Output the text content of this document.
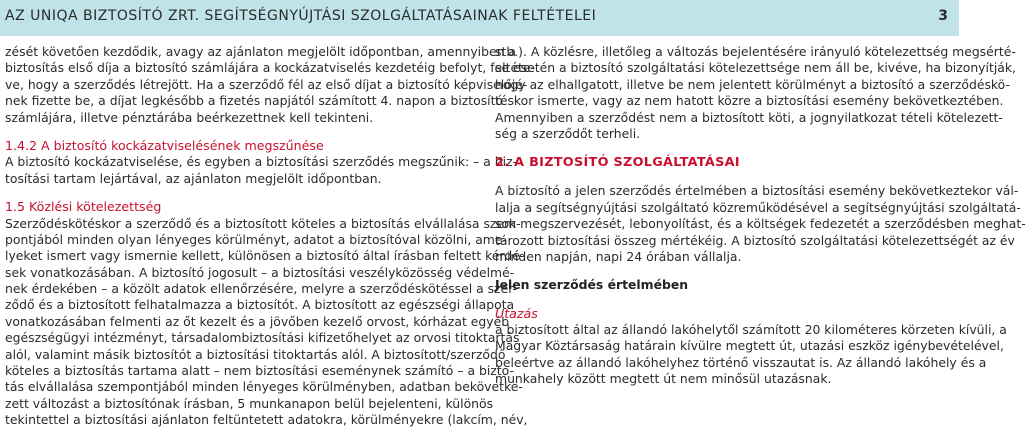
AZ UNIQA BIZTOSÍTÓ ZRT. SEGÍTSÉGNYÚJTÁSI SZOLGÁLTATÁSAINAK FELTÉTELEI	3
zését követően kezdődik, avagy az ajánlaton megjelölt időpontban, amennyiben a
biztosítás első díja a biztosító számlájára a kockázatviselés kezdetéig befolyt, feltéte-
ve, hogy a szerződés létrejött. Ha a szerződő fél az első díjat a biztosító képviselőjé-
nek fizette be, a díjat legkésőbb a fizetés napjától számított 4. napon a biztosító
számlájára, illetve pénztárába beérkezettnek kell tekinteni.
1.4.2 A biztosító kockázatviselésének megszűnése
A biztosító kockázatviselése, és egyben a biztosítási szerződés megszűnik: – a biz-
tosítási tartam lejártával, az ajánlaton megjelölt időpontban.
1.5 Közlési kötelezettség
Szerződéskötéskor a szerződő és a biztosított köteles a biztosítás elvállalása szem-
pontjából minden olyan lényeges körülményt, adatot a biztosítóval közölni, ame-
lyeket ismert vagy ismernie kellett, különösen a biztosító által írásban feltett kérdé-
sek vonatkozásában. A biztosító jogosult – a biztosítási veszélyközösség védelmé-
nek érdekében – a közölt adatok ellenőrzésére, melyre a szerződéskötéssel a szer-
ződő és a biztosított felhatalmazza a biztosítót. A biztosított az egészségi állapota
vonatkozásában felmenti az őt kezelt és a jövőben kezelő orvost, kórházat egyéb
egészségügyi intézményt, társadalombiztosítási kifizetőhelyet az orvosi titoktartás
alól, valamint másik biztosítót a biztosítási titoktartás alól. A biztosított/szerződő
köteles a biztosítás tartama alatt – nem biztosítási eseménynek számító – a bizto-
tás elvállalása szempontjából minden lényeges körülményben, adatban bekövetke-
zett változást a biztosítónak írásban, 5 munkanapon belül bejelenteni, különös
tekintettel a biztosítási ajánlaton feltüntetett adatokra, körülményekre (lakcím, név,
stb.). A közlésre, illetőleg a változás bejelentésére irányuló kötelezettség megsérté-
se esetén a biztosító szolgáltatási kötelezettsége nem áll be, kivéve, ha bizonyítják,
hogy az elhallgatott, illetve be nem jelentett körülményt a biztosító a szerződéskö-
téskor ismerte, vagy az nem hatott közre a biztosítási esemény bekövetkeztében.
Amennyiben a szerződést nem a biztosított köti, a jognyilatkozat tételi kötelezett-
ség a szerződőt terheli.
2. A BIZTOSÍTÓ SZOLGÁLTATÁSAI
A biztosító a jelen szerződés értelmében a biztosítási esemény bekövetkeztekor vál-
lalja a segítségnyújtási szolgáltató közreműködésével a segítségnyújtási szolgáltatá-
sok megszervezését, lebonyolítást, és a költségek fedezetét a szerződésben meghat-
tározott biztosítási összeg mértékéig. A biztosító szolgáltatási kötelezettségét az év
minden napján, napi 24 órában vállalja.
Jelen szerződés értelmében
Utazás
a biztosított által az állandó lakóhelytől számított 20 kilométeres körzeten kívüli, a
Magyar Köztársaság határain kívülre megtett út, utazási eszköz igénybevételével,
beleértve az állandó lakóhelyhez történő visszautat is. Az állandó lakóhely és a
munkahely között megtett út nem minősül utazásnak.
